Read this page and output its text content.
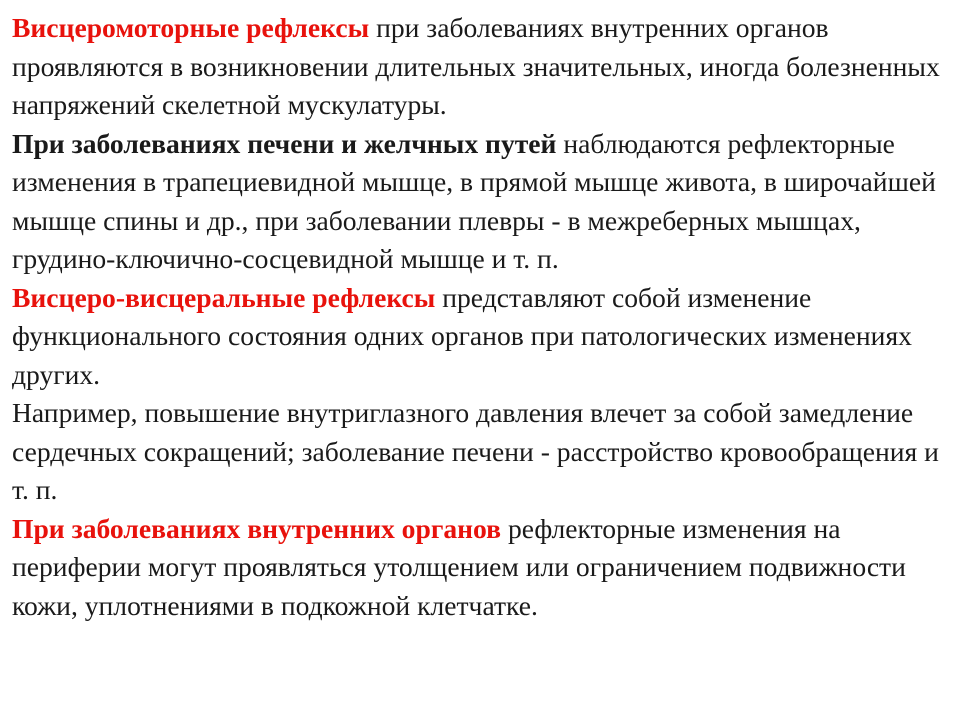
Висцеромоторные рефлексы при заболеваниях внутренних органов проявляются в возникновении длительных значительных, иногда болезненных напряжений скелетной мускулатуры.

При заболеваниях печени и желчных путей наблюдаются рефлекторные изменения в трапециевидной мышце, в прямой мышце живота, в широчайшей мышце спины и др., при заболевании плевры - в межреберных мышцах, грудино-ключично-сосцевидной мышце и т. п.

Висцеро-висцеральные рефлексы представляют собой изменение функционального состояния одних органов при патологических изменениях других.

Например, повышение внутриглазного давления влечет за собой замедление сердечных сокращений; заболевание печени - расстройство кровообращения и т. п.

При заболеваниях внутренних органов рефлекторные изменения на периферии могут проявляться утолщением или ограничением подвижности кожи, уплотнениями в подкожной клетчатке.
